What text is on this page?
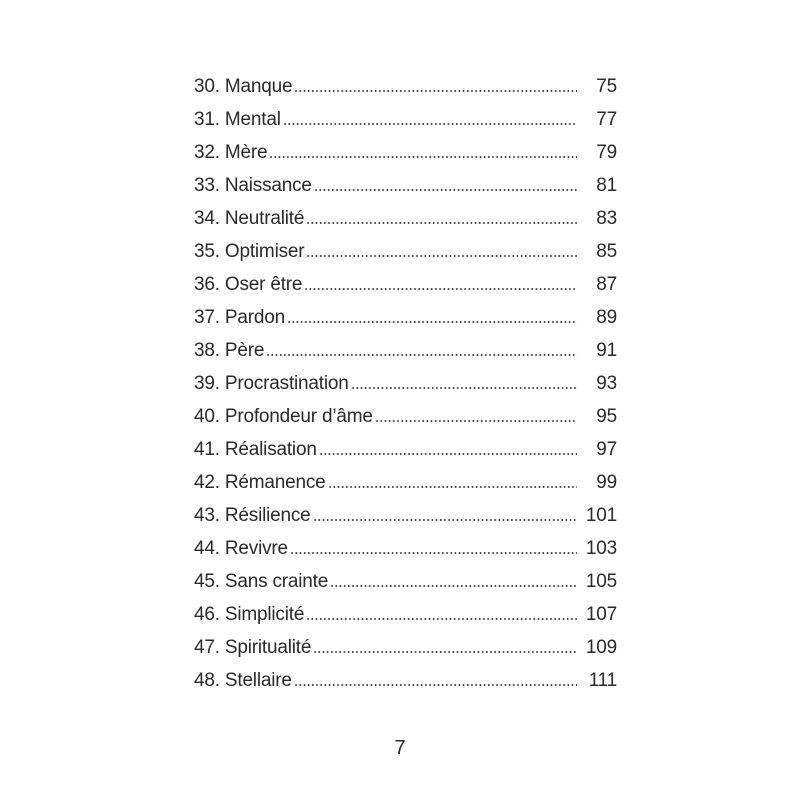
30. Manque	75
31. Mental	77
32. Mère	79
33. Naissance	81
34. Neutralité	83
35. Optimiser	85
36. Oser être	87
37. Pardon	89
38. Père	91
39. Procrastination	93
40. Profondeur d’âme	95
41. Réalisation	97
42. Rémanence	99
43. Résilience	101
44. Revivre	103
45. Sans crainte	105
46. Simplicité	107
47. Spiritualité	109
48. Stellaire	111
7
